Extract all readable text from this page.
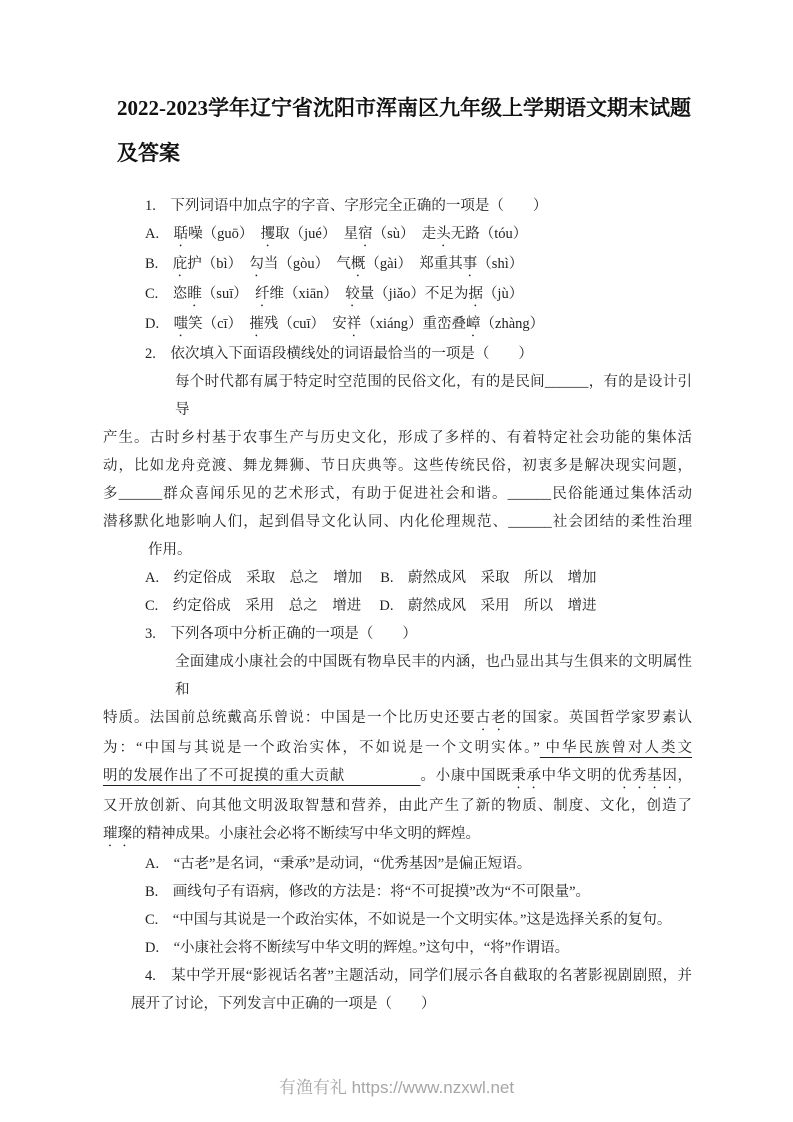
2022-2023学年辽宁省沈阳市浑南区九年级上学期语文期末试题及答案
1.　下列词语中加点字的字音、字形完全正确的一项是（　　）
A.　聒噪（guō）　攫取（jué）　星宿（sù）　走头无路（tóu）
B.　庇护（bì）　勾当（gòu）　气概（gài）　郑重其事（shì）
C.　恣睢（suī）　纤维（xiān）　较量（jiǎo）不足为据（jù）
D.　嗤笑（cī）　摧残（cuī）　安祥（xiáng）重峦叠嶂（zhàng）
2.　依次填入下面语段横线处的词语最恰当的一项是（　　）
每个时代都有属于特定时空范围的民俗文化，有的是民间______，有的是设计引导
产生。古时乡村基于农事生产与历史文化，形成了多样的、有着特定社会功能的集体活
动，比如龙舟竞渡、舞龙舞狮、节日庆典等。这些传统民俗，初衷多是解决现实问题，
多______群众喜闻乐见的艺术形式，有助于促进社会和谐。______民俗能通过集体活动
潜移默化地影响人们，起到倡导文化认同、内化伦理规范、______社会团结的柔性治理
作用。
A.　约定俗成　采取　总之　增加　 B.　蔚然成风　采取　所以　增加
C.　约定俗成　采用　总之　增进　 D.　蔚然成风　采用　所以　增进
3.　下列各项中分析正确的一项是（　　）
全面建成小康社会的中国既有物阜民丰的内涵，也凸显出其与生俱来的文明属性和
特质。法国前总统戴高乐曾说：中国是一个比历史还要古老的国家。英国哲学家罗素认
为：“中国与其说是一个政治实体，不如说是一个文明实体。” 中华民族曾对人类文
明的发展作出了不可捉摸的重大贡献　　　　　。小康中国既秉承中华文明的优秀基因，
又开放创新、向其他文明汲取智慧和营养，由此产生了新的物质、制度、文化，创造了
璀璨的精神成果。小康社会必将不断续写中华文明的辉煌。
A.　“古老”是名词，“秉承”是动词，“优秀基因”是偏正短语。
B.　画线句子有语病，修改的方法是：将“不可捉摸”改为“不可限量”。
C.　“中国与其说是一个政治实体，不如说是一个文明实体。”这是选择关系的复句。
D.　“小康社会将不断续写中华文明的辉煌。”这句中，“将”作谓语。
4.　某中学开展“影视话名著”主题活动，同学们展示各自截取的名著影视剧剧照，并
展开了讨论，下列发言中正确的一项是（　　）
有渔有礼 https://www.nzxwl.net
